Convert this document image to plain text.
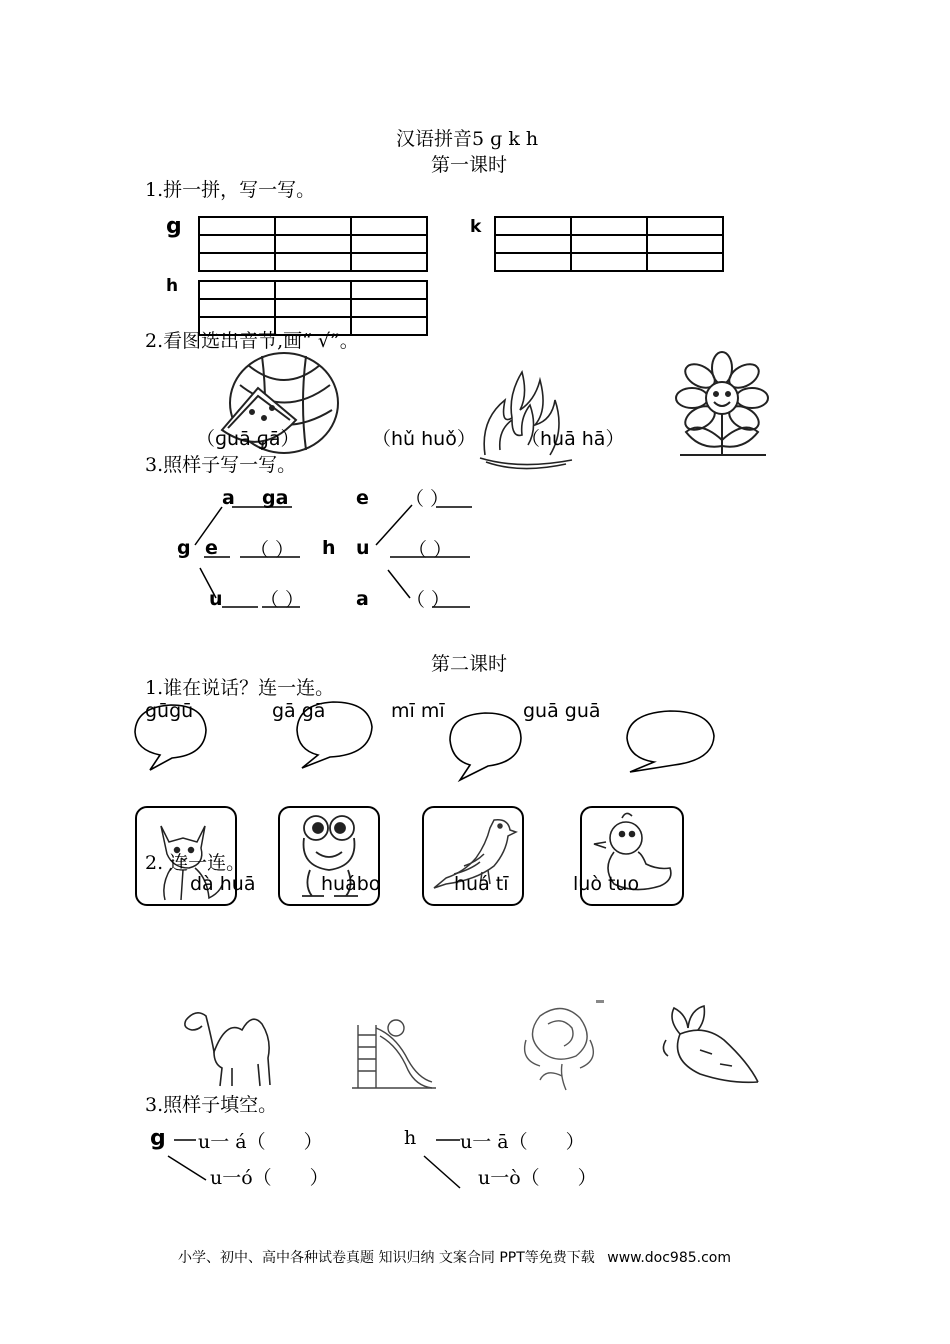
汉语拼音5 ɡ k h
第一课时
1.拼一拼，写一写。
g	k
h

2.看图选出音节,画“ √”。
（ɡuā ɡā）	（hǔ huǒ） （huā hā）
3.照样子写一写。
a ga	e （ ）
g e （ ） h u （ ）
u （ ）	a （ ）
第二课时
1.谁在说话？连一连。
gūgū	gā gā	mī mī	guā guā
2. 连一连。
dà huā	huábo	huá tī	luò tuo
3.照样子填空。
g u一 á（　　）
u一ó（　　）
h u一 ā（　　）
u一ò（　　）
小学、初中、高中各种试卷真题 知识归纳 文案合同 PPT等免费下载 www.doc985.com
